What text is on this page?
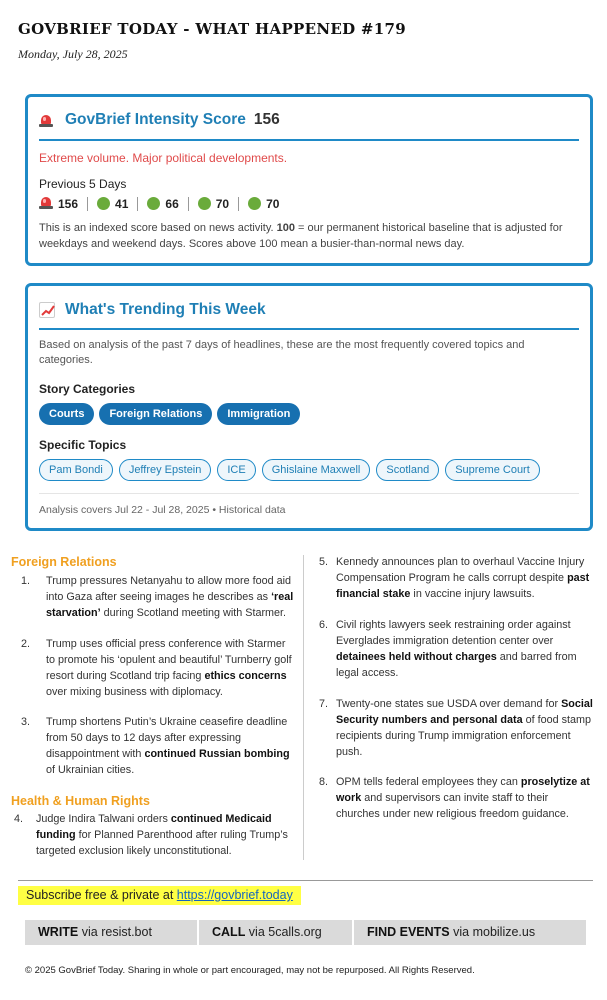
GOVBRIEF TODAY - WHAT HAPPENED #179
Monday, July 28, 2025
GovBrief Intensity Score 156
Extreme volume. Major political developments.
Previous 5 Days
156	41	66	70	70
This is an indexed score based on news activity. 100 = our permanent historical baseline that is adjusted for weekdays and weekend days. Scores above 100 mean a busier-than-normal news day.
What's Trending This Week
Based on analysis of the past 7 days of headlines, these are the most frequently covered topics and categories.
Story Categories
Courts	Foreign Relations	Immigration
Specific Topics
Pam Bondi	Jeffrey Epstein	ICE	Ghislaine Maxwell	Scotland	Supreme Court
Analysis covers Jul 22 - Jul 28, 2025 • Historical data
Foreign Relations
1. Trump pressures Netanyahu to allow more food aid into Gaza after seeing images he describes as ‘real starvation’ during Scotland meeting with Starmer.
2. Trump uses official press conference with Starmer to promote his ‘opulent and beautiful’ Turnberry golf resort during Scotland trip facing ethics concerns over mixing business with diplomacy.
3. Trump shortens Putin’s Ukraine ceasefire deadline from 50 days to 12 days after expressing disappointment with continued Russian bombing of Ukrainian cities.
Health & Human Rights
4. Judge Indira Talwani orders continued Medicaid funding for Planned Parenthood after ruling Trump’s targeted exclusion likely unconstitutional.
5. Kennedy announces plan to overhaul Vaccine Injury Compensation Program he calls corrupt despite past financial stake in vaccine injury lawsuits.
6. Civil rights lawyers seek restraining order against Everglades immigration detention center over detainees held without charges and barred from legal access.
7. Twenty-one states sue USDA over demand for Social Security numbers and personal data of food stamp recipients during Trump immigration enforcement push.
8. OPM tells federal employees they can proselytize at work and supervisors can invite staff to their churches under new religious freedom guidance.
Subscribe free & private at https://govbrief.today
WRITE via resist.bot	CALL via 5calls.org	FIND EVENTS via mobilize.us
© 2025 GovBrief Today. Sharing in whole or part encouraged, may not be repurposed. All Rights Reserved.
